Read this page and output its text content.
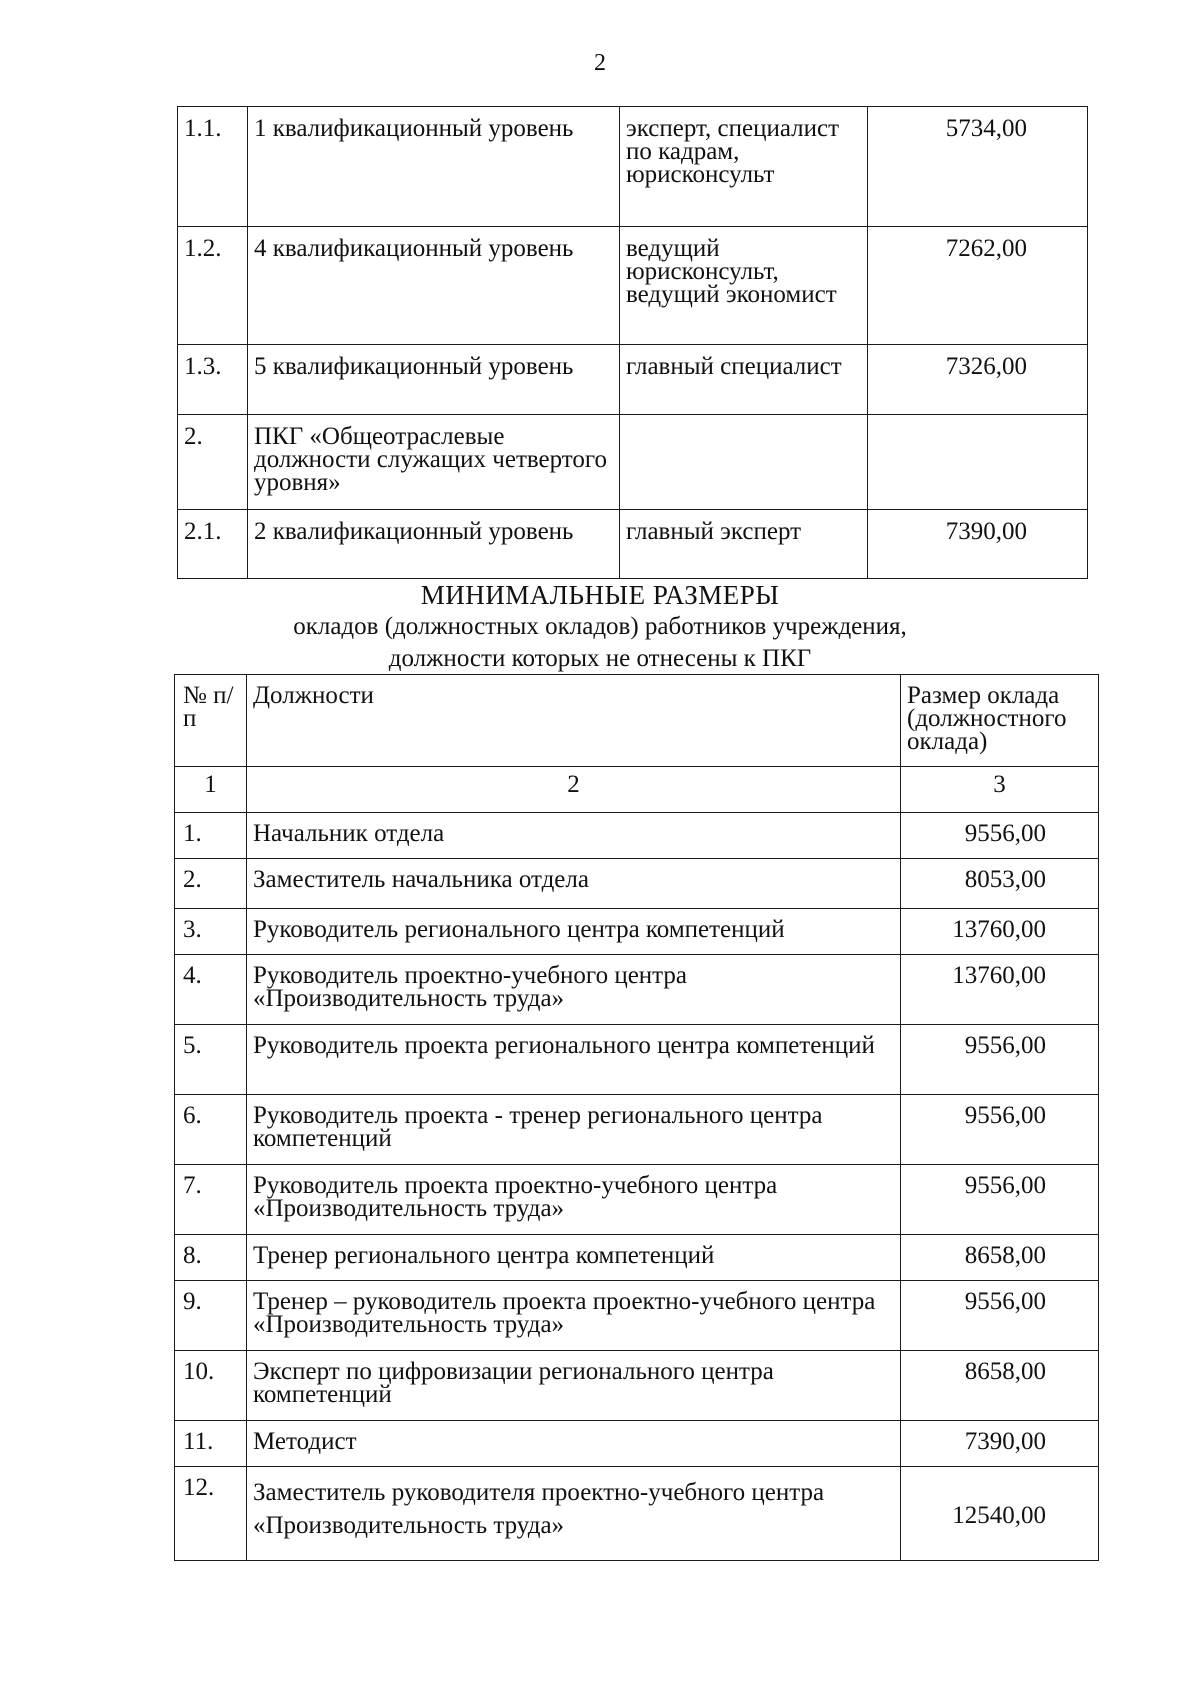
2
1.1.	1 квалификационный уровень	эксперт, специалист по кадрам, юрисконсульт	5734,00
1.2.	4 квалификационный уровень	ведущий юрисконсульт, ведущий экономист	7262,00
1.3.	5 квалификационный уровень	главный специалист	7326,00
2.	ПКГ «Общеотраслевые должности служащих четвертого уровня»		
2.1.	2 квалификационный уровень	главный эксперт	7390,00
МИНИМАЛЬНЫЕ РАЗМЕРЫ
окладов (должностных окладов) работников учреждения,
должности которых не отнесены к ПКГ
№ п/п	Должности	Размер оклада (должностного оклада)
1	2	3
1.	Начальник отдела	9556,00
2.	Заместитель начальника отдела	8053,00
3.	Руководитель регионального центра компетенций	13760,00
4.	Руководитель проектно-учебного центра «Производительность труда»	13760,00
5.	Руководитель проекта регионального центра компетенций	9556,00
6.	Руководитель проекта - тренер регионального центра компетенций	9556,00
7.	Руководитель проекта проектно-учебного центра «Производительность труда»	9556,00
8.	Тренер регионального центра компетенций	8658,00
9.	Тренер – руководитель проекта проектно-учебного центра «Производительность труда»	9556,00
10.	Эксперт по цифровизации регионального центра компетенций	8658,00
11.	Методист	7390,00
12.	Заместитель руководителя проектно-учебного центра «Производительность труда»	12540,00
